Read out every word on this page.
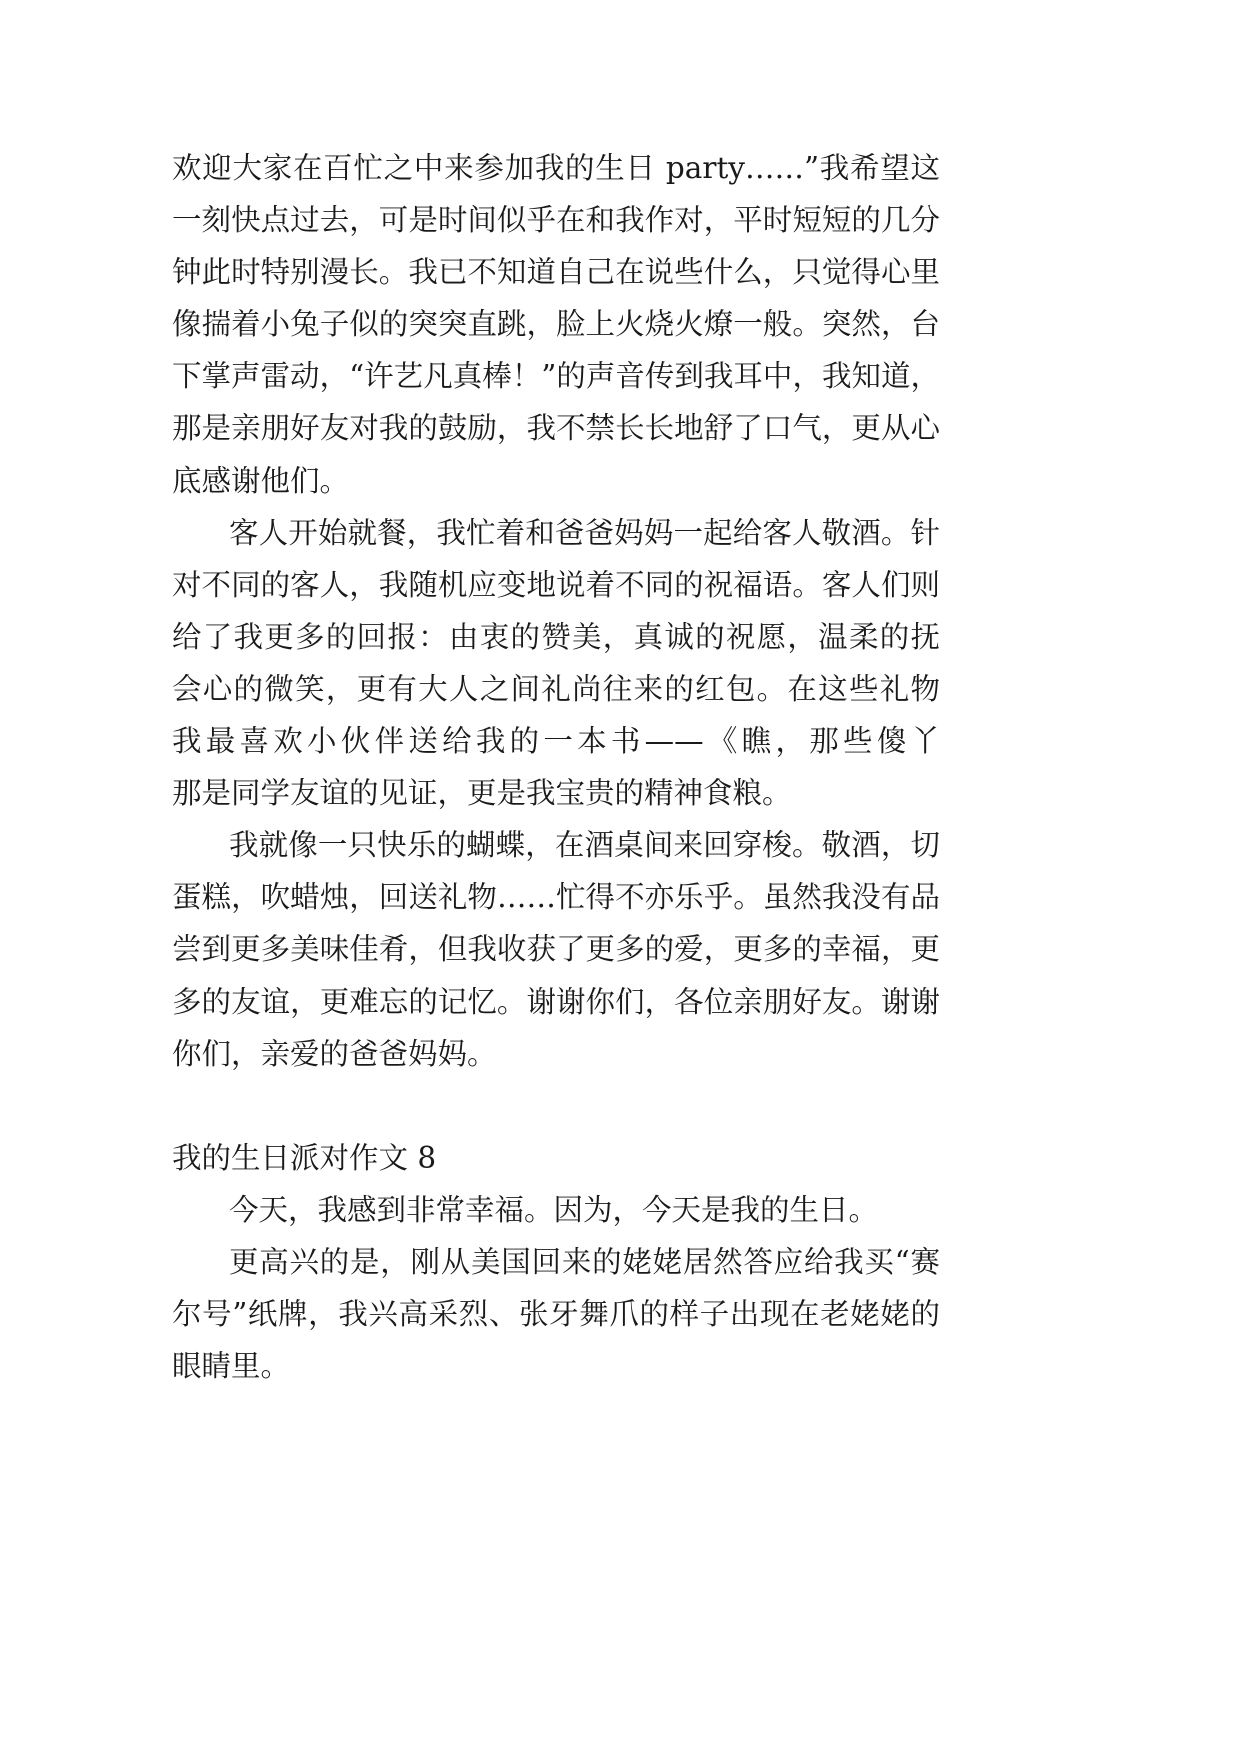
欢迎大家在百忙之中来参加我的生日 party……”我希望这
一刻快点过去，可是时间似乎在和我作对，平时短短的几分
钟此时特别漫长。我已不知道自己在说些什么，只觉得心里
像揣着小兔子似的突突直跳，脸上火烧火燎一般。突然，台
下掌声雷动，“许艺凡真棒！”的声音传到我耳中，我知道，
那是亲朋好友对我的鼓励，我不禁长长地舒了口气，更从心
底感谢他们。
客人开始就餐，我忙着和爸爸妈妈一起给客人敬酒。针
对不同的客人，我随机应变地说着不同的祝福语。客人们则
给了我更多的回报：由衷的赞美，真诚的祝愿，温柔的抚
会心的微笑，更有大人之间礼尚往来的红包。在这些礼物
我最喜欢小伙伴送给我的一本书——《瞧，那些傻丫
那是同学友谊的见证，更是我宝贵的精神食粮。
我就像一只快乐的蝴蝶，在酒桌间来回穿梭。敬酒，切
蛋糕，吹蜡烛，回送礼物……忙得不亦乐乎。虽然我没有品
尝到更多美味佳肴，但我收获了更多的爱，更多的幸福，更
多的友谊，更难忘的记忆。谢谢你们，各位亲朋好友。谢谢
你们，亲爱的爸爸妈妈。
我的生日派对作文 8
今天，我感到非常幸福。因为，今天是我的生日。
更高兴的是，刚从美国回来的姥姥居然答应给我买“赛
尔号”纸牌，我兴高采烈、张牙舞爪的样子出现在老姥姥的
眼睛里。
